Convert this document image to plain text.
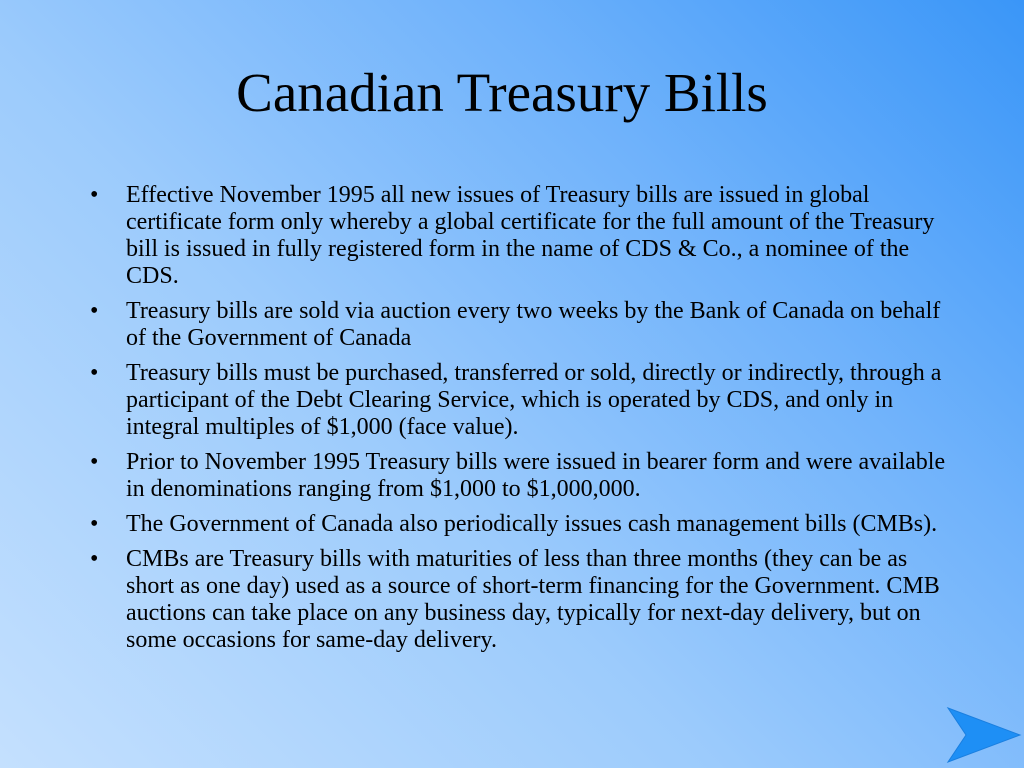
Canadian Treasury Bills
•	Effective November 1995 all new issues of Treasury bills are issued in global certificate form only whereby a global certificate for the full amount of the Treasury bill is issued in fully registered form in the name of CDS & Co., a nominee of the CDS.
•	Treasury bills are sold via auction every two weeks by the Bank of Canada on behalf of the Government of Canada
•	Treasury bills must be purchased, transferred or sold, directly or indirectly, through a participant of the Debt Clearing Service, which is operated by CDS, and only in integral multiples of $1,000 (face value).
•	Prior to November 1995 Treasury bills were issued in bearer form and were available in denominations ranging from $1,000 to $1,000,000.
•	The Government of Canada also periodically issues cash management bills (CMBs).
•	CMBs are Treasury bills with maturities of less than three months (they can be as short as one day) used as a source of short-term financing for the Government. CMB auctions can take place on any business day, typically for next-day delivery, but on some occasions for same-day delivery.
